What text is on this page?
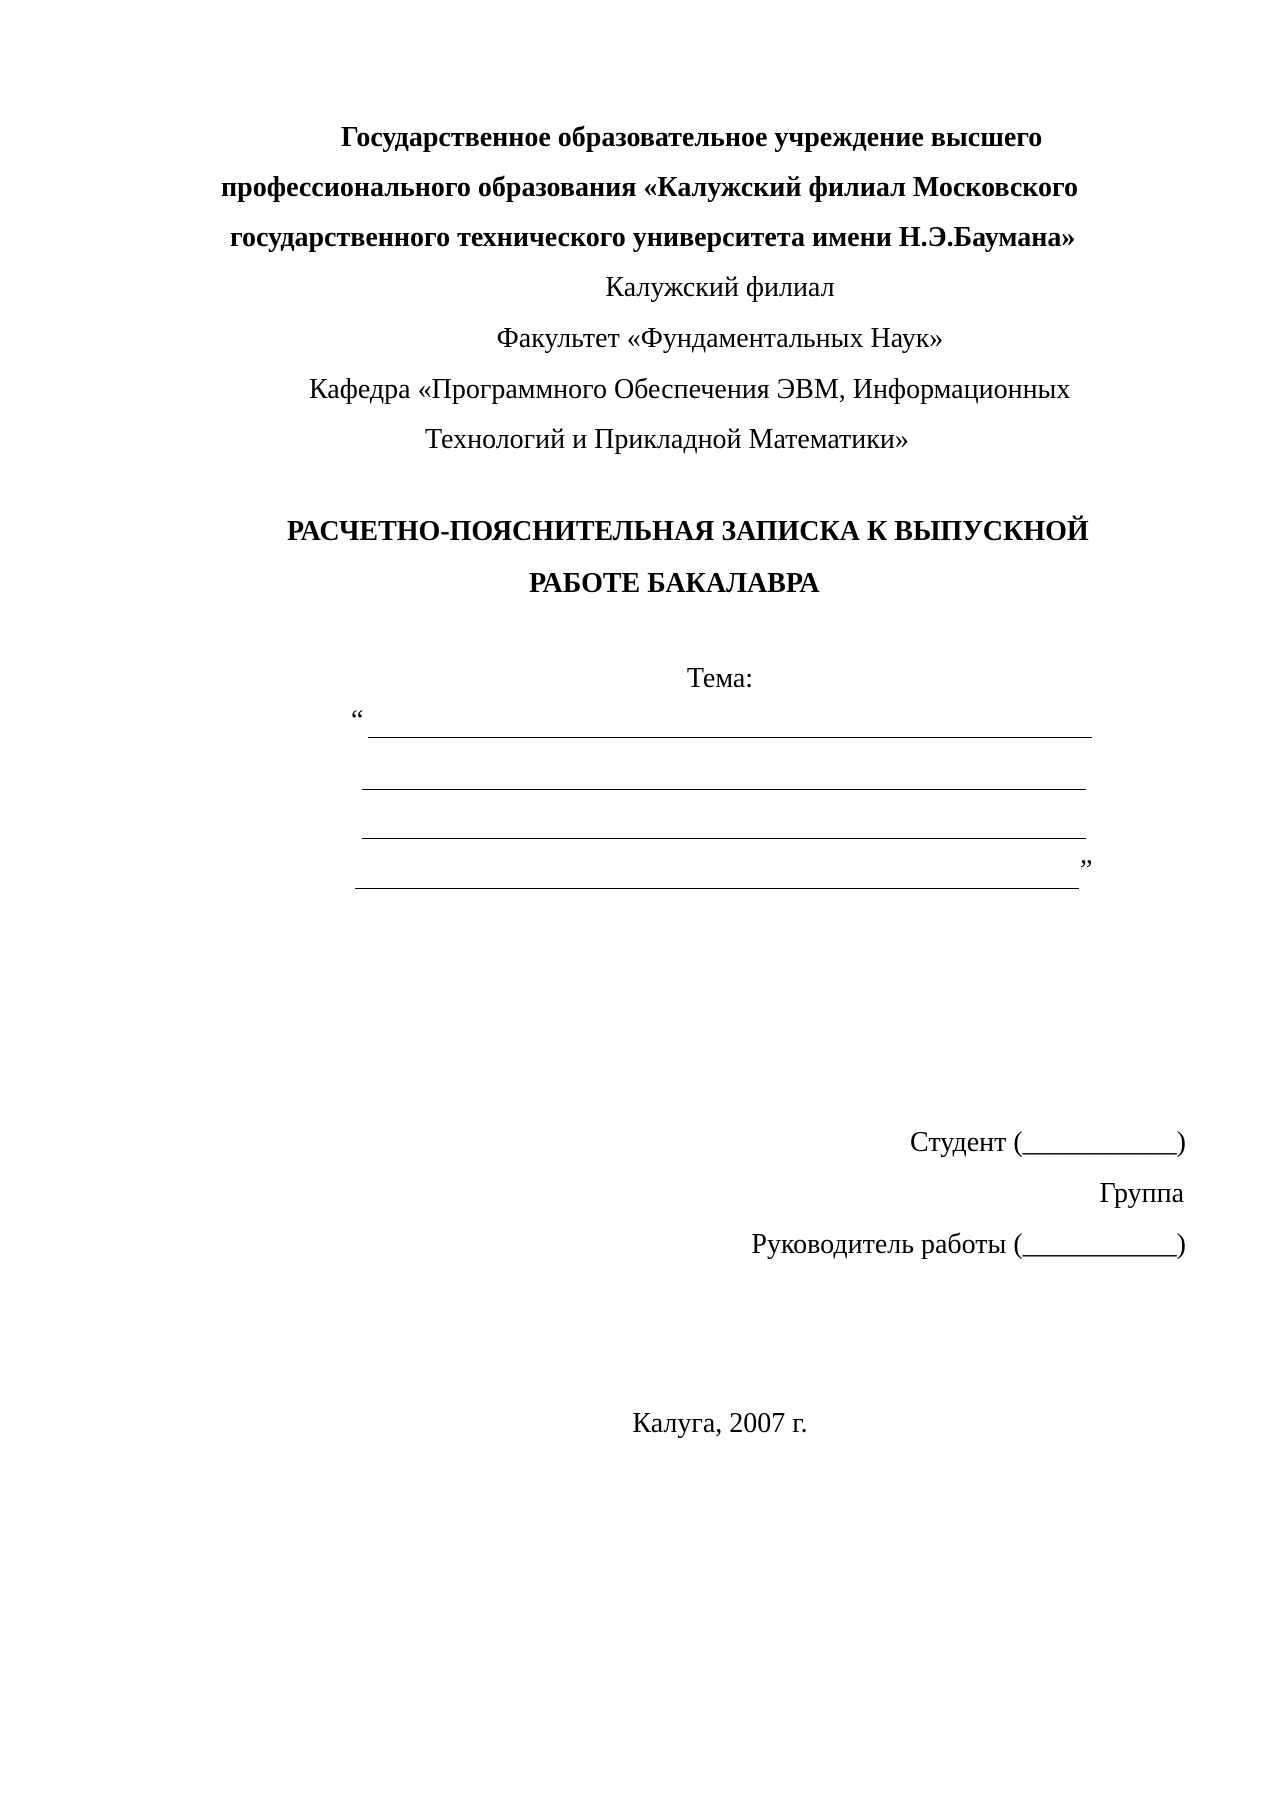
Государственное образовательное учреждение высшего
профессионального образования «Калужский филиал Московского
государственного технического университета имени Н.Э.Баумана»
Калужский филиал
Факультет «Фундаментальных Наук»
Кафедра «Программного Обеспечения ЭВМ, Информационных
Технологий и Прикладной Математики»
РАСЧЕТНО-ПОЯСНИТЕЛЬНАЯ ЗАПИСКА К ВЫПУСКНОЙ
РАБОТЕ БАКАЛАВРА
Тема:
“
”
Студент (___________)
Группа
Руководитель работы (___________)
Калуга, 2007 г.
